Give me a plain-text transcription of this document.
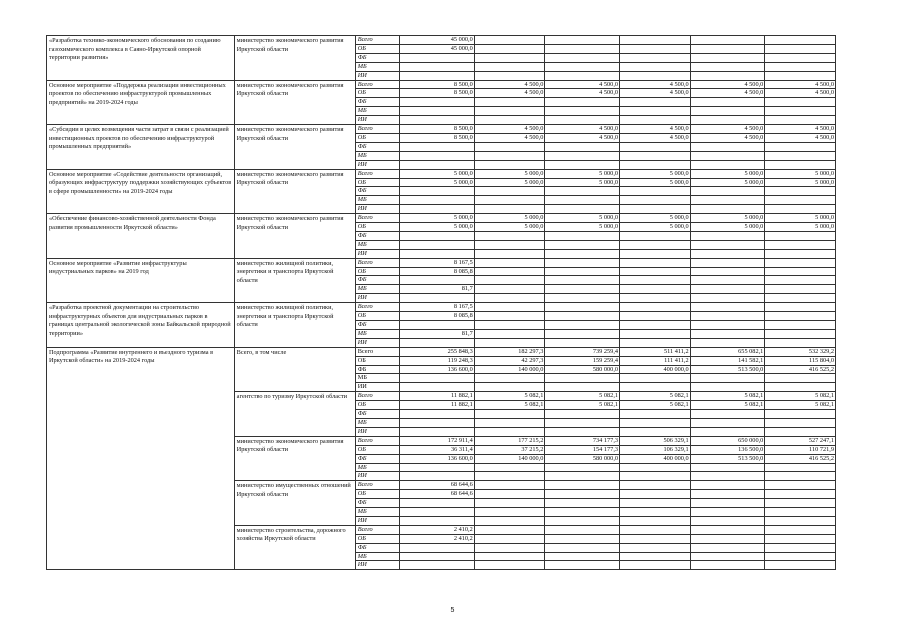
«Разработка технико-экономического обоснования по созданию газохимического комплекса в Саяно-Иркутской опорной территории развития»	министерство экономического развития Иркутской области	Всего	45 000,0					
		ОБ	45 000,0					
		ФБ						
		МБ						
		ИИ						
Основное мероприятие «Поддержка реализации инвестиционных проектов по обеспечению инфраструктурой промышленных предприятий» на 2019-2024 годы	министерство экономического развития Иркутской области	Всего	8 500,0	4 500,0	4 500,0	4 500,0	4 500,0	4 500,0
		ОБ	8 500,0	4 500,0	4 500,0	4 500,0	4 500,0	4 500,0
		ФБ						
		МБ						
		ИИ						
«Субсидии в целях возмещения части затрат в связи с реализацией инвестиционных проектов по обеспечению инфраструктурой промышленных предприятий»	министерство экономического развития Иркутской области	Всего	8 500,0	4 500,0	4 500,0	4 500,0	4 500,0	4 500,0
		ОБ	8 500,0	4 500,0	4 500,0	4 500,0	4 500,0	4 500,0
		ФБ						
		МБ						
		ИИ						
Основное мероприятие «Содействие деятельности организаций, образующих инфраструктуру поддержки хозяйствующих субъектов в сфере промышленности» на 2019-2024 годы	министерство экономического развития Иркутской области	Всего	5 000,0	5 000,0	5 000,0	5 000,0	5 000,0	5 000,0
		ОБ	5 000,0	5 000,0	5 000,0	5 000,0	5 000,0	5 000,0
		ФБ						
		МБ						
		ИИ						
«Обеспечение финансово-хозяйственной деятельности Фонда развития промышленности Иркутской области»	министерство экономического развития Иркутской области	Всего	5 000,0	5 000,0	5 000,0	5 000,0	5 000,0	5 000,0
		ОБ	5 000,0	5 000,0	5 000,0	5 000,0	5 000,0	5 000,0
		ФБ						
		МБ						
		ИИ						
Основное мероприятие «Развитие инфраструктуры индустриальных парков» на 2019 год	министерство жилищной политики, энергетики и транспорта Иркутской области	Всего	8 167,5					
		ОБ	8 085,8					
		ФБ						
		МБ	81,7					
		ИИ						
«Разработка проектной документации на строительство инфраструктурных объектов для индустриальных парков в границах центральной экологической зоны Байкальской природной территории»	министерство жилищной политики, энергетики и транспорта Иркутской области	Всего	8 167,5					
		ОБ	8 085,8					
		ФБ						
		МБ	81,7					
		ИИ						
Подпрограмма «Развитие внутреннего и въездного туризма в Иркутской области» на 2019-2024 годы	Всего, в том числе	Всего	255 848,3	182 297,3	739 259,4	511 411,2	655 082,1	532 329,2
		ОБ	119 248,3	42 297,3	159 259,4	111 411,2	141 582,1	115 804,0
		ФБ	136 600,0	140 000,0	580 000,0	400 000,0	513 500,0	416 525,2
		МБ						
		ИИ						
	агентство по туризму Иркутской области	Всего	11 882,1	5 082,1	5 082,1	5 082,1	5 082,1	5 082,1
		ОБ	11 882,1	5 082,1	5 082,1	5 082,1	5 082,1	5 082,1
		ФБ						
		МБ						
		ИИ						
	министерство экономического развития Иркутской области	Всего	172 911,4	177 215,2	734 177,3	506 329,1	650 000,0	527 247,1
		ОБ	36 311,4	37 215,2	154 177,3	106 329,1	136 500,0	110 721,9
		ФБ	136 600,0	140 000,0	580 000,0	400 000,0	513 500,0	416 525,2
		МБ						
		ИИ						
	министерство имущественных отношений Иркутской области	Всего	68 644,6					
		ОБ	68 644,6					
		ФБ						
		МБ						
		ИИ						
	министерство строительства, дорожного хозяйства Иркутской области	Всего	2 410,2					
		ОБ	2 410,2					
		ФБ						
		МБ						
		ИИ						
5
